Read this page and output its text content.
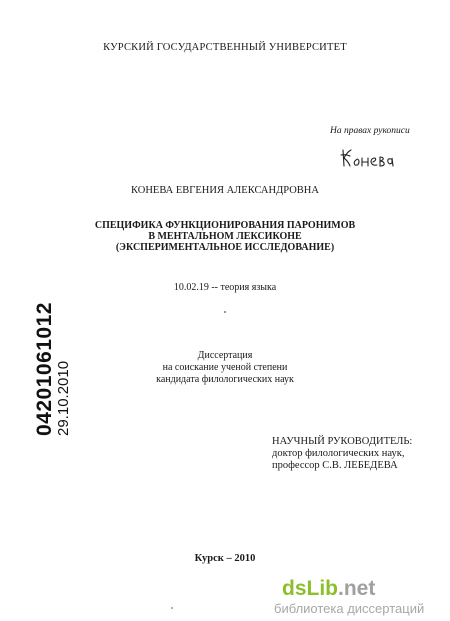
КУРСКИЙ ГОСУДАРСТВЕННЫЙ УНИВЕРСИТЕТ
На правах рукописи
КОНЕВА ЕВГЕНИЯ АЛЕКСАНДРОВНА
СПЕЦИФИКА ФУНКЦИОНИРОВАНИЯ ПАРОНИМОВ
В МЕНТАЛЬНОМ ЛЕКСИКОНЕ
(ЭКСПЕРИМЕНТАЛЬНОЕ ИССЛЕДОВАНИЕ)
10.02.19 -- теория языка
Диссертация
на соискание ученой степени
кандидата филологических наук
04201061012 29.10.2010
НАУЧНЫЙ РУКОВОДИТЕЛЬ:
доктор филологических наук,
профессор С.В. ЛЕБЕДЕВА
Курск – 2010
dsLib.net
библиотека диссертаций
